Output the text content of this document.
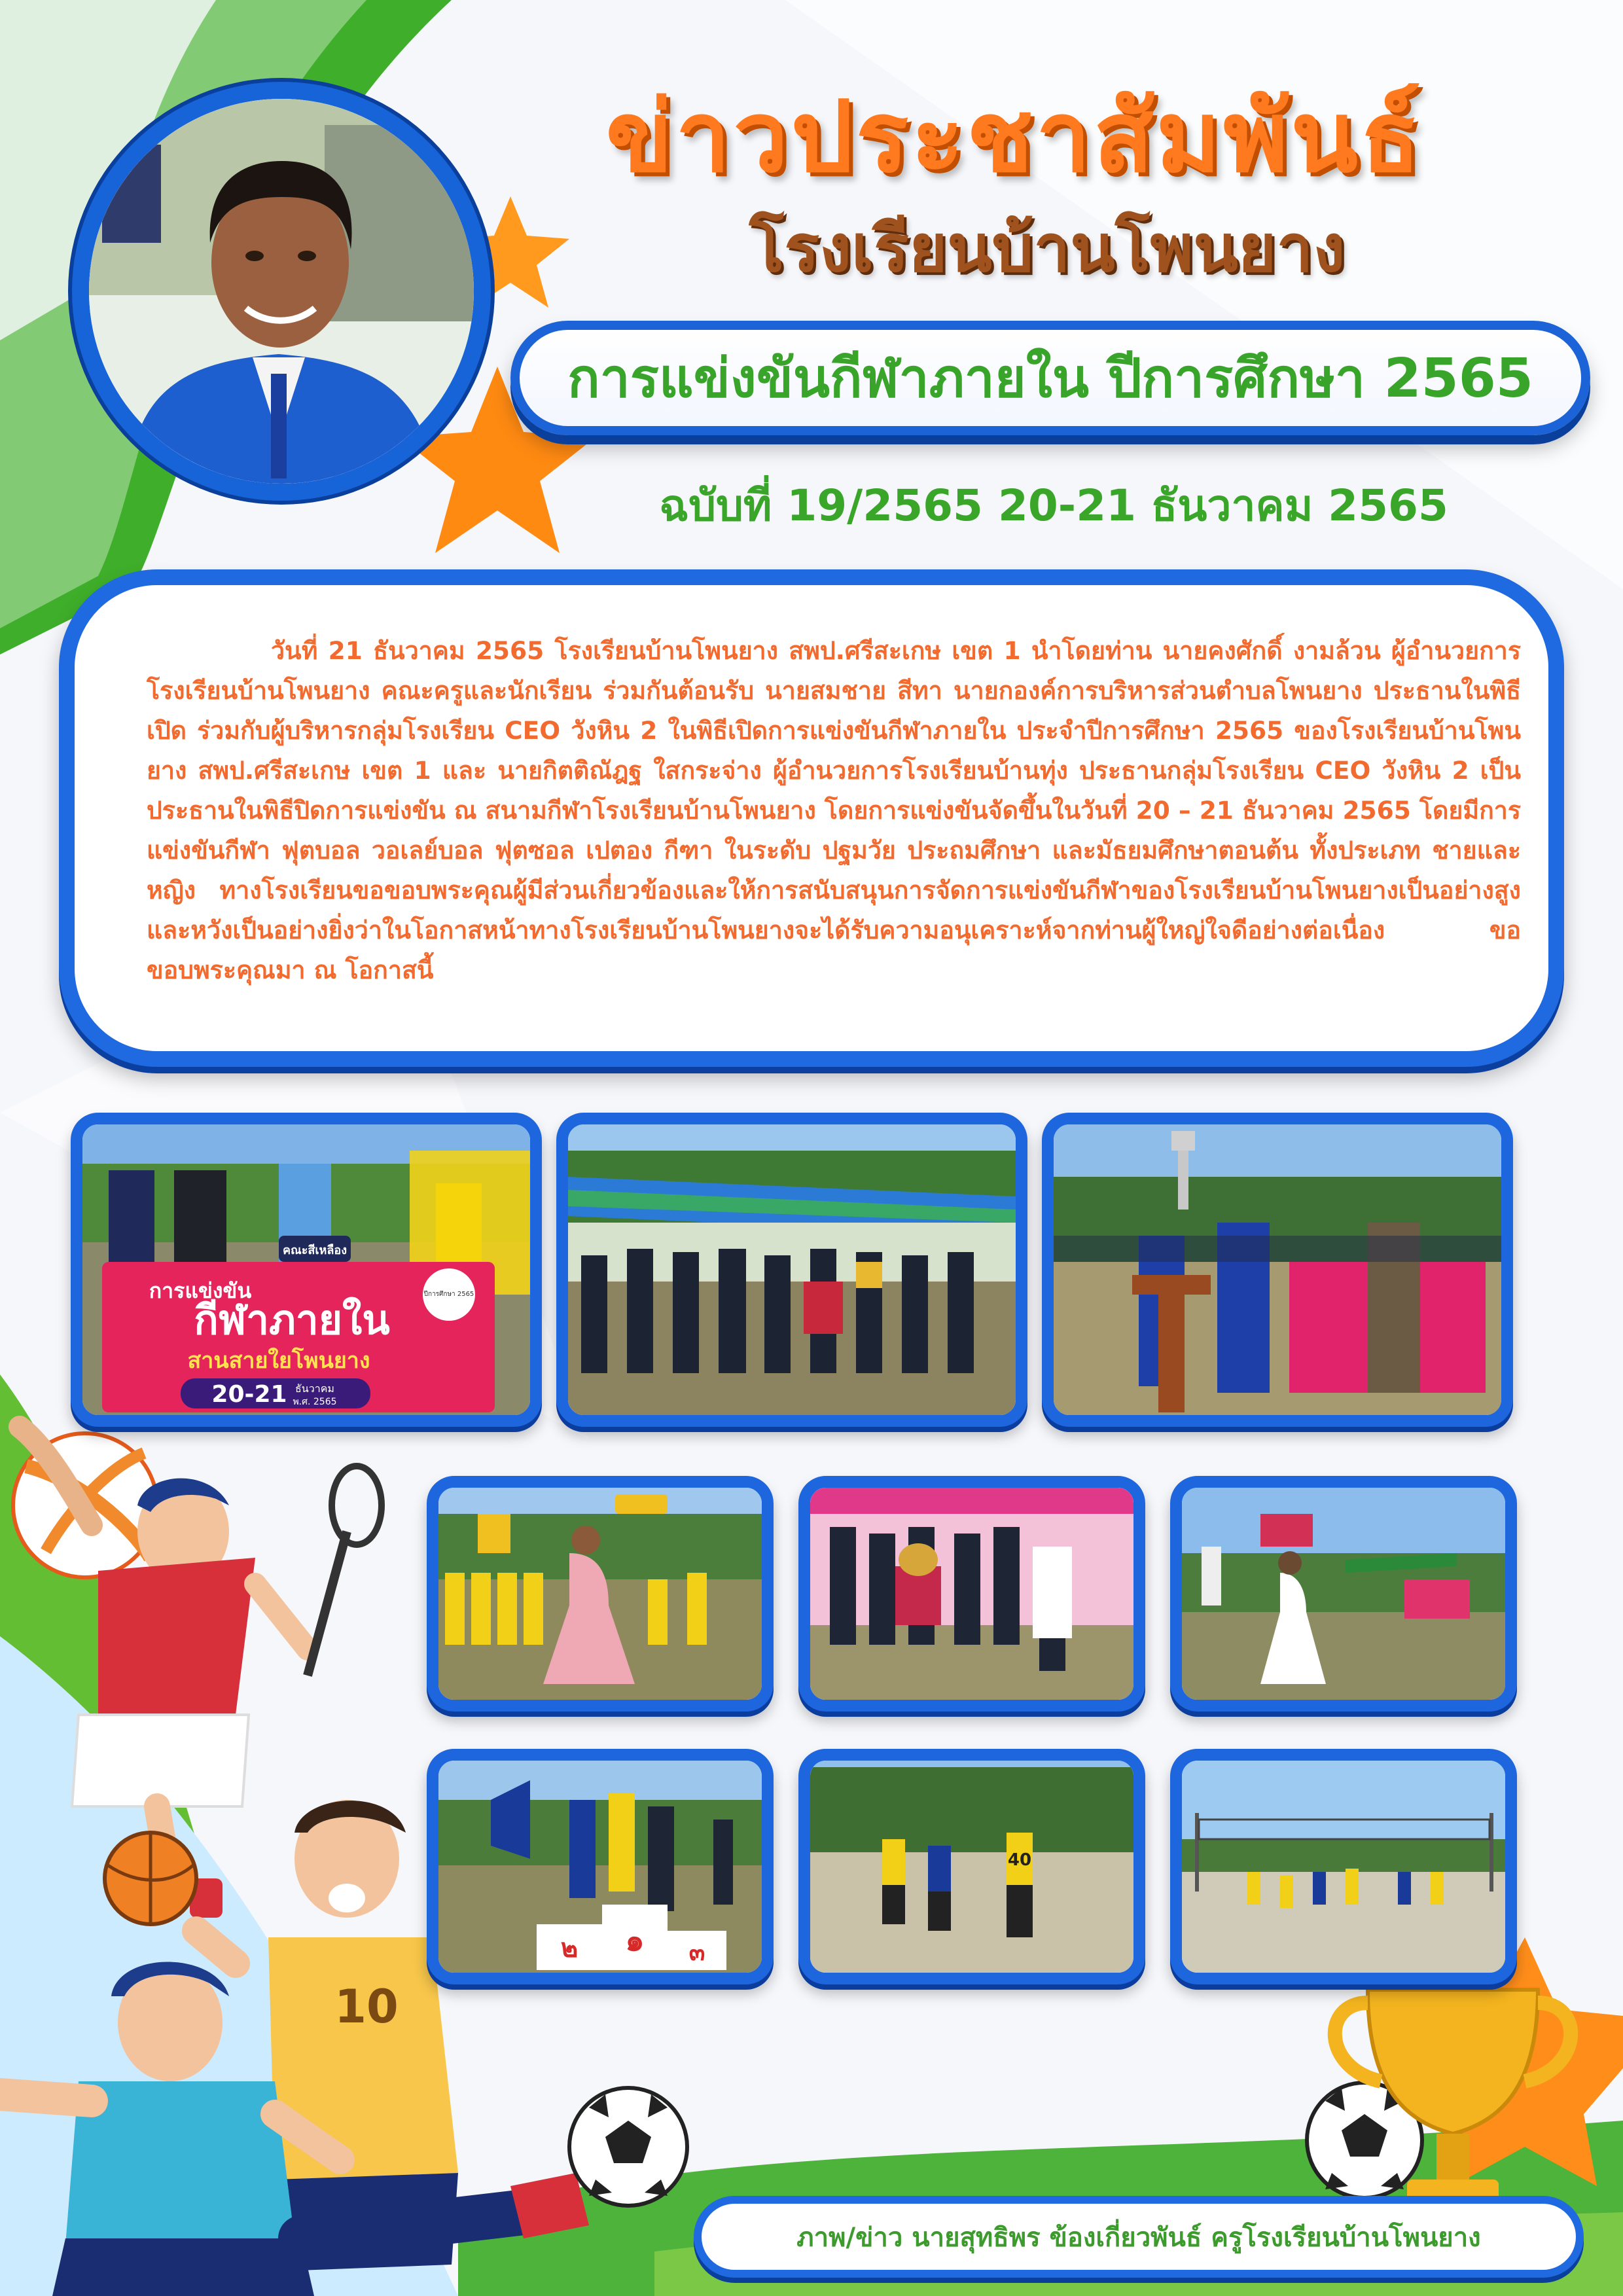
10
ข่าวประชาสัมพันธ์
โรงเรียนบ้านโพนยาง
การแข่งขันกีฬาภายใน ปีการศึกษา 2565
ฉบับที่ 19/2565 20-21 ธันวาคม 2565

วันที่ 21 ธันวาคม 2565 โรงเรียนบ้านโพนยาง สพป.ศรีสะเกษ เขต 1 นำโดยท่าน นายคงศักดิ์ งามล้วน ผู้อำนวยการโรงเรียนบ้านโพนยาง คณะครูและนักเรียน ร่วมกันต้อนรับ นายสมชาย สีทา นายกองค์การบริหารส่วนตำบลโพนยาง ประธานในพิธีเปิด ร่วมกับผู้บริหารกลุ่มโรงเรียน CEO วังหิน 2 ในพิธีเปิดการแข่งขันกีฬาภายใน ประจำปีการศึกษา 2565 ของโรงเรียนบ้านโพนยาง สพป.ศรีสะเกษ เขต 1 และ นายกิตติณัฎฐ ใสกระจ่าง ผู้อำนวยการโรงเรียนบ้านทุ่ง ประธานกลุ่มโรงเรียน CEO วังหิน 2 เป็นประธานในพิธีปิดการแข่งขัน ณ สนามกีฬาโรงเรียนบ้านโพนยาง โดยการแข่งขันจัดขึ้นในวันที่ 20 – 21 ธันวาคม 2565 โดยมีการแข่งขันกีฬา ฟุตบอล วอเลย์บอล ฟุตซอล เปตอง กีฑา ในระดับ ปฐมวัย ประถมศึกษา และมัธยมศึกษาตอนต้น ทั้งประเภท ชายและหญิง ทางโรงเรียนขอขอบพระคุณผู้มีส่วนเกี่ยวข้องและให้การสนับสนุนการจัดการแข่งขันกีฬาของโรงเรียนบ้านโพนยางเป็นอย่างสูง และหวังเป็นอย่างยิ่งว่าในโอกาสหน้าทางโรงเรียนบ้านโพนยางจะได้รับความอนุเคราะห์จากท่านผู้ใหญ่ใจดีอย่างต่อเนื่อง ขอขอบพระคุณมา ณ โอกาสนี้

คณะสีเหลือง
การแข่งขัน
กีฬาภายใน
สานสายใยโพนยาง
20-21 ธันวาคม
พ.ศ. 2565
ปีการศึกษา 2565
๒ ๑ ๓
40
ภาพ/ข่าว นายสุทธิพร ข้องเกี่ยวพันธ์ ครูโรงเรียนบ้านโพนยาง
